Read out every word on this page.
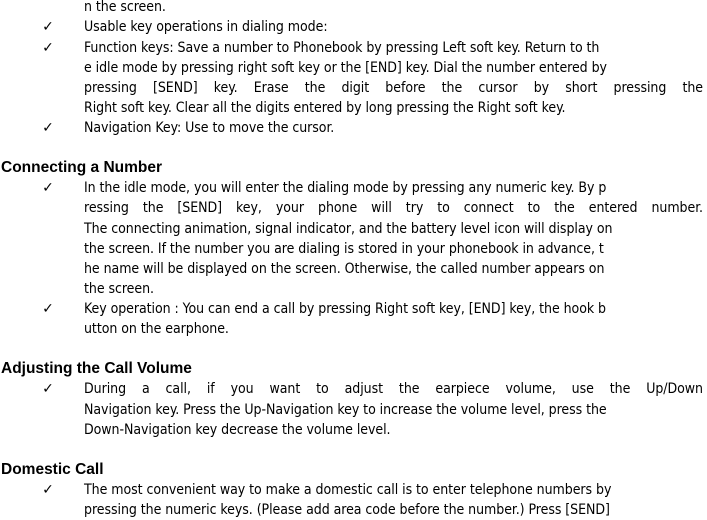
n the screen.
✓ Usable key operations in dialing mode:
✓ Function keys: Save a number to Phonebook by pressing Left soft key. Return to th
e idle mode by pressing right soft key or the [END] key. Dial the number entered by
pressing [SEND] key. Erase the digit before the cursor by short pressing the
Right soft key. Clear all the digits entered by long pressing the Right soft key.
✓ Navigation Key: Use to move the cursor.
Connecting a Number
✓ In the idle mode, you will enter the dialing mode by pressing any numeric key. By p
ressing the [SEND] key, your phone will try to connect to the entered number.
The connecting animation, signal indicator, and the battery level icon will display on
the screen. If the number you are dialing is stored in your phonebook in advance, t
he name will be displayed on the screen. Otherwise, the called number appears on
the screen.
✓ Key operation : You can end a call by pressing Right soft key, [END] key, the hook b
utton on the earphone.
Adjusting the Call Volume
✓ During a call, if you want to adjust the earpiece volume, use the Up/Down
Navigation key. Press the Up-Navigation key to increase the volume level, press the
Down-Navigation key decrease the volume level.
Domestic Call
✓ The most convenient way to make a domestic call is to enter telephone numbers by
pressing the numeric keys. (Please add area code before the number.) Press [SEND]
